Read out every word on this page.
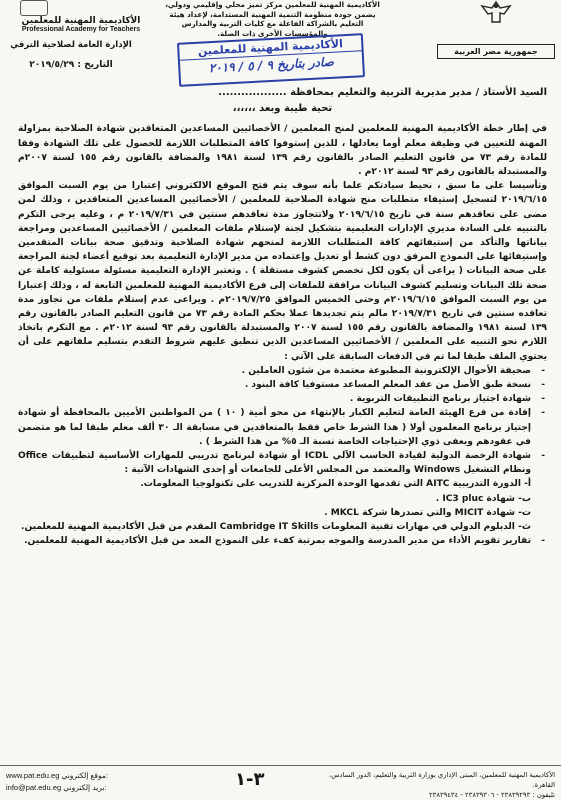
الأكاديمية المهنية للمعلمين
Professional Academy for Teachers
الأكاديمية المهنية للمعلمين مركز تميز محلي وإقليمي ودولي، يضمن جودة منظومة التنمية المهنية المستدامة، لإعداد هيئة التعليم بالشراكة الفاعلة مع كليات التربية والمدارس والمؤسسات الأخرى ذات الصلة.
جمهورية مصر العربية
الأكاديمية المهنية للمعلمين
صادر بتاريخ ٩ / ٥ / ٢٠١٩
الإدارة العامة لصلاحية الترقي
التاريخ : ٢٠١٩/٥/٢٩

السيد الأستاذ / مدير مديرية التربية والتعليم بمحافظة ..................

تحية طيبة وبعد ،،،،،،

في إطار خطة الأكاديمية المهنية للمعلمين لمنح المعلمين / الأخصائيين المساعدين المتعاقدين شهادة الصلاحية بمزاولة المهنة للتعيين في وظيفة معلم أوما يعادلها ، للذين إستوفوا كافة المتطلبات اللازمة للحصول على تلك الشهادة وفقا للمادة رقم ٧٣ من قانون التعليم الصادر بالقانون رقم ١٣٩ لسنة ١٩٨١ والمضافة بالقانون رقم ١٥٥ لسنة ٢٠٠٧م والمستبدلة بالقانون رقم ٩٣ لسنة ٢٠١٢م .

وتأسيسا على ما سبق ، نحيط سيادتكم علما بأنه سوف يتم فتح الموقع الالكتروني إعتبارا من يوم السبت الموافق ٢٠١٩/٦/١٥ لتسجيل إستيفاء متطلبات منح شهادة الصلاحية للمعلمين / الأخصائيين المساعدين المتعاقدين ، وذلك لمن مضى على تعاقدهم سنة في تاريخ ٢٠١٩/٦/١٥ ولاتتجاوز مدة تعاقدهم سنتين في ٢٠١٩/٧/٣١ م ، وعليه يرجى التكرم بالتنبيه على السادة مديري الإدارات التعليمية بتشكيل لجنة لإستلام ملفات المعلمين / الأخصائيين المساعدين ومراجعة بياناتها والتأكد من إستيفائهم كافة المتطلبات اللازمة لمنحهم شهادة الصلاحية وتدقيق صحة بيانات المتقدمين وإستيفائها على النموذج المرفق دون كشط أو تعديل وإعتماده من مدير الإدارة التعليمية بعد توقيع أعضاء لجنة المراجعة على صحة البيانات ( يراعى أن يكون لكل تخصص كشوف مستقلة ) . وتعتبر الإدارة التعليمية مسئولة مسئولية كاملة عن صحة تلك البيانات وتسليم كشوف البيانات مرافقة للملفات إلى فرع الأكاديمية المهنية للمعلمين التابعة له ، وذلك إعتبارا من يوم السبت الموافق ٢٠١٩/٦/١٥م وحتى الخميس الموافق ٢٠١٩/٧/٢٥م . ويراعى عدم إستلام ملفات من تجاوز مدة تعاقده سنتين في تاريخ ٢٠١٩/٧/٣١ مالم يتم تجديدها عملا بحكم المادة رقم ٧٣ من قانون التعليم الصادر بالقانون رقم ١٣٩ لسنة ١٩٨١ والمضافة بالقانون رقم ١٥٥ لسنة ٢٠٠٧ والمستبدلة بالقانون رقم ٩٣ لسنة ٢٠١٢م . مع التكرم باتخاذ اللازم نحو التنبيه على المعلمين / الأخصائيين المساعدين الذين تنطبق عليهم شروط التقدم بتسليم ملفاتهم على أن يحتوي الملف طبقا لما تم في الدفعات السابقة على الآتي :

- صحيفة الأحوال الإلكترونية المطبوعة معتمدة من شئون العاملين .
- نسخة طبق الأصل من عقد المعلم المساعد مستوفيا كافة البنود .
- شهادة اجتياز برنامج التطبيقات التربوية .
- إفادة من فرع الهيئة العامة لتعليم الكبار بالإنتهاء من محو أمية ( ١٠ ) من المواطنين الأميين بالمحافظة أو شهادة إجتياز برنامج المعلمون أولا ( هذا الشرط خاص فقط بالمتعاقدين في مسابقة الـ ٣٠ ألف معلم طبقا لما هو متضمن في عقودهم ويعفى ذوي الإحتياجات الخاصة نسبة الـ ٥% من هذا الشرط ) .
- شهادة الرخصة الدولية لقيادة الحاسب الآلي ICDL أو شهادة لبرنامج تدريبي للمهارات الأساسية لتطبيقات Office ونظام التشغيل Windows والمعتمد من المجلس الأعلى للجامعات أو إحدى الشهادات الآتية :
أ- الدورة التدريبية AITC التي تقدمها الوحدة المركزية للتدريب على تكنولوجيا المعلومات.
ب- شهادة IC3 pluc .
ت- شهادة MICIT والتي تصدرها شركة MKCL .
ث- الدبلوم الدولي في مهارات تقنية المعلومات Cambridge IT Skills المقدم من قبل الأكاديمية المهنية للمعلمين.
- تقارير تقويم الأداء من مدير المدرسة والموجه بمرتبة كفء على النموذج المعد من قبل الأكاديمية المهنية للمعلمين.
www.pat.edu.eg موقع إلكتروني:
info@pat.edu.eg بريد إلكتروني:	٣-١	الأكاديمية المهنية للمعلمين، المبنى الإداري بوزارة التربية والتعليم، الدور السادس، القاهرة.
تليفون : ٢٣٨٣٩٢٩٣ - ٢٣٨٣٩٣٠٦ - ٢٣٨٣٩٤٣٤
